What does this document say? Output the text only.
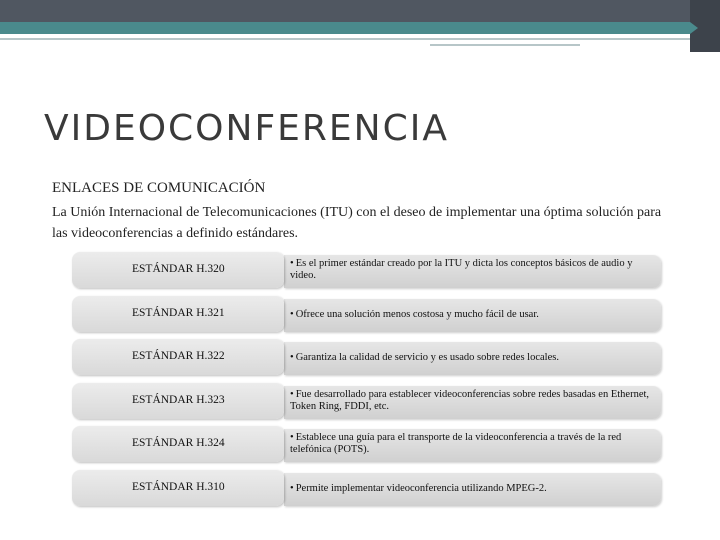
VIDEOCONFERENCIA
ENLACES DE COMUNICACIÓN
La Unión Internacional de Telecomunicaciones (ITU) con el deseo de implementar una óptima solución para las videoconferencias a definido estándares.
• Es el primer estándar creado por la ITU y dicta los conceptos básicos de audio y video.
ESTÁNDAR H.320
• Ofrece una solución menos costosa y mucho fácil de usar.
ESTÁNDAR H.321
• Garantiza la calidad de servicio y es usado sobre redes locales.
ESTÁNDAR H.322
• Fue desarrollado para establecer videoconferencias sobre redes basadas en Ethernet, Token Ring, FDDI, etc.
ESTÁNDAR H.323
• Establece una guía para el transporte de la videoconferencia a través de la red telefónica (POTS).
ESTÁNDAR H.324
• Permite implementar videoconferencia utilizando MPEG-2.
ESTÁNDAR H.310
